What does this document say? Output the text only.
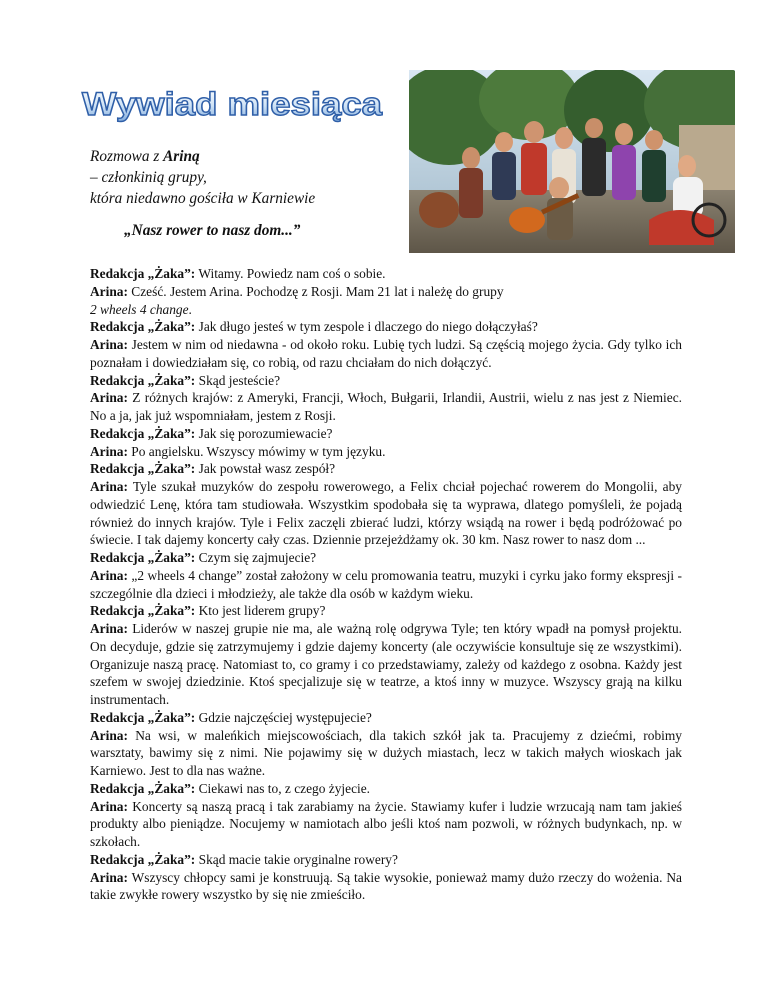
Wywiad miesiąca
Rozmowa z Ariną
– członkinią grupy,
która niedawno gościła w Karniewie
„Nasz rower to nasz dom...”

Redakcja „Żaka”: Witamy. Powiedz nam coś o sobie.

Arina: Cześć. Jestem Arina. Pochodzę z Rosji. Mam 21 lat i należę do grupy
2 wheels 4 change.

Redakcja „Żaka”: Jak długo jesteś w tym zespole i dlaczego do niego dołączyłaś?

Arina: Jestem w nim od niedawna - od około roku. Lubię tych ludzi. Są częścią mojego życia. Gdy tylko ich poznałam i dowiedziałam się, co robią, od razu chciałam do nich dołączyć.

Redakcja „Żaka”: Skąd jesteście?

Arina: Z różnych krajów: z Ameryki, Francji, Włoch, Bułgarii, Irlandii, Austrii, wielu z nas jest z Niemiec. No a ja, jak już wspomniałam, jestem z Rosji.

Redakcja „Żaka”: Jak się porozumiewacie?

Arina: Po angielsku. Wszyscy mówimy w tym języku.

Redakcja „Żaka”: Jak powstał wasz zespół?

Arina: Tyle szukał muzyków do zespołu rowerowego, a Felix chciał pojechać rowerem do Mongolii, aby odwiedzić Lenę, która tam studiowała. Wszystkim spodobała się ta wyprawa, dlatego pomyśleli, że pojadą również do innych krajów. Tyle i Felix zaczęli zbierać ludzi, którzy wsiądą na rower i będą podróżować po świecie. I tak dajemy koncerty cały czas. Dziennie przejeżdżamy ok. 30 km. Nasz rower to nasz dom ...

Redakcja „Żaka”: Czym się zajmujecie?

Arina: „2 wheels 4 change” został założony w celu promowania teatru, muzyki i cyrku jako formy ekspresji - szczególnie dla dzieci i młodzieży, ale także dla osób w każdym wieku.

Redakcja „Żaka”: Kto jest liderem grupy?

Arina: Liderów w naszej grupie nie ma, ale ważną rolę odgrywa Tyle; ten który wpadł na pomysł projektu. On decyduje, gdzie się zatrzymujemy i gdzie dajemy koncerty (ale oczywiście konsultuje się ze wszystkimi). Organizuje naszą pracę. Natomiast to, co gramy i co przedstawiamy, zależy od każdego z osobna. Każdy jest szefem w swojej dziedzinie. Ktoś specjalizuje się w teatrze, a ktoś inny w muzyce. Wszyscy grają na kilku instrumentach.

Redakcja „Żaka”: Gdzie najczęściej występujecie?

Arina: Na wsi, w maleńkich miejscowościach, dla takich szkół jak ta. Pracujemy z dziećmi, robimy warsztaty, bawimy się z nimi. Nie pojawimy się w dużych miastach, lecz w takich małych wioskach jak Karniewo. Jest to dla nas ważne.

Redakcja „Żaka”: Ciekawi nas to, z czego żyjecie.

Arina: Koncerty są naszą pracą i tak zarabiamy na życie. Stawiamy kufer i ludzie wrzucają nam tam jakieś produkty albo pieniądze. Nocujemy w namiotach albo jeśli ktoś nam pozwoli, w różnych budynkach, np. w szkołach.

Redakcja „Żaka”: Skąd macie takie oryginalne rowery?

Arina: Wszyscy chłopcy sami je konstruują. Są takie wysokie, ponieważ mamy dużo rzeczy do wożenia. Na takie zwykłe rowery wszystko by się nie zmieściło.
